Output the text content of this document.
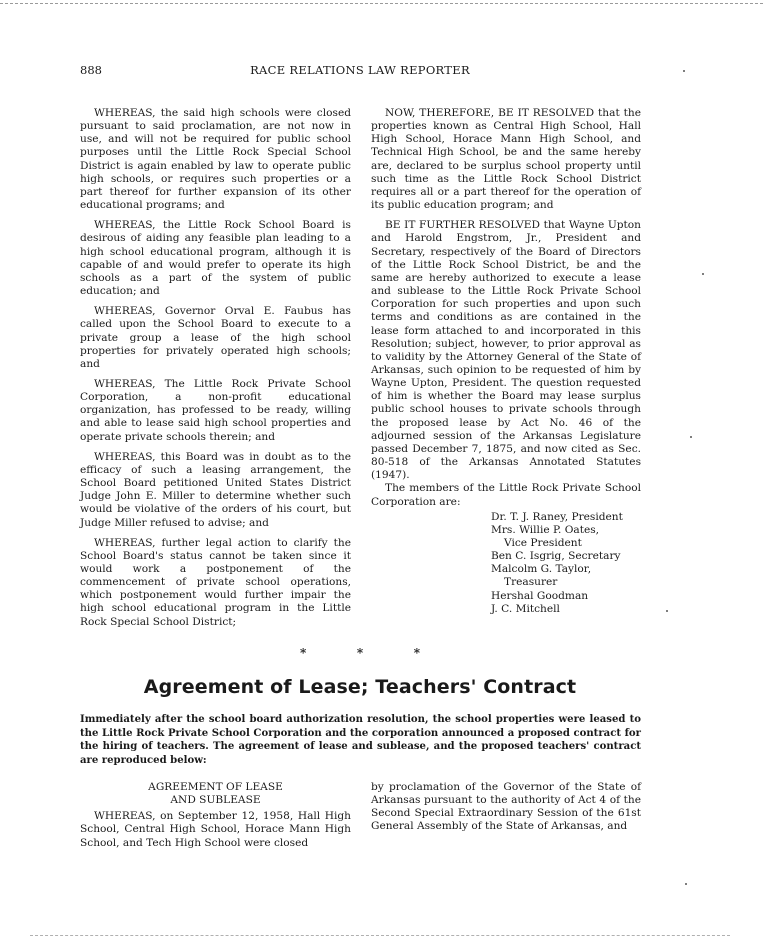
888	RACE RELATIONS LAW REPORTER

WHEREAS, the said high schools were closed pursuant to said proclamation, are not now in use, and will not be required for public school purposes until the Little Rock Special School District is again enabled by law to operate public high schools, or requires such properties or a part thereof for further expansion of its other educational programs; and

WHEREAS, the Little Rock School Board is desirous of aiding any feasible plan leading to a high school educational program, although it is capable of and would prefer to operate its high schools as a part of the system of public education; and

WHEREAS, Governor Orval E. Faubus has called upon the School Board to execute to a private group a lease of the high school properties for privately operated high schools; and

WHEREAS, The Little Rock Private School Corporation, a non-profit educational organization, has professed to be ready, willing and able to lease said high school properties and operate private schools therein; and

WHEREAS, this Board was in doubt as to the efficacy of such a leasing arrangement, the School Board petitioned United States District Judge John E. Miller to determine whether such would be violative of the orders of his court, but Judge Miller refused to advise; and

WHEREAS, further legal action to clarify the School Board's status cannot be taken since it would work a postponement of the commencement of private school operations, which postponement would further impair the high school educational program in the Little Rock Special School District;

NOW, THEREFORE, BE IT RESOLVED that the properties known as Central High School, Hall High School, Horace Mann High School, and Technical High School, be and the same hereby are, declared to be surplus school property until such time as the Little Rock School District requires all or a part thereof for the operation of its public education program; and

BE IT FURTHER RESOLVED that Wayne Upton and Harold Engstrom, Jr., President and Secretary, respectively of the Board of Directors of the Little Rock School District, be and the same are hereby authorized to execute a lease and sublease to the Little Rock Private School Corporation for such properties and upon such terms and conditions as are contained in the lease form attached to and incorporated in this Resolution; subject, however, to prior approval as to validity by the Attorney General of the State of Arkansas, such opinion to be requested of him by Wayne Upton, President. The question requested of him is whether the Board may lease surplus public school houses to private schools through the proposed lease by Act No. 46 of the adjourned session of the Arkansas Legislature passed December 7, 1875, and now cited as Sec. 80-518 of the Arkansas Annotated Statutes (1947).

The members of the Little Rock Private School Corporation are:

Dr. T. J. Raney, President
Mrs. Willie P. Oates,
Vice President
Ben C. Isgrig, Secretary
Malcolm G. Taylor,
Treasurer
Hershal Goodman
J. C. Mitchell
*	*	*
Agreement of Lease; Teachers' Contract
Immediately after the school board authorization resolution, the school properties were leased to the Little Rock Private School Corporation and the corporation announced a proposed contract for the hiring of teachers. The agreement of lease and sublease, and the proposed teachers' contract are reproduced below:
AGREEMENT OF LEASE
AND SUBLEASE

WHEREAS, on September 12, 1958, Hall High School, Central High School, Horace Mann High School, and Tech High School were closed

by proclamation of the Governor of the State of Arkansas pursuant to the authority of Act 4 of the Second Special Extraordinary Session of the 61st General Assembly of the State of Arkansas, and
